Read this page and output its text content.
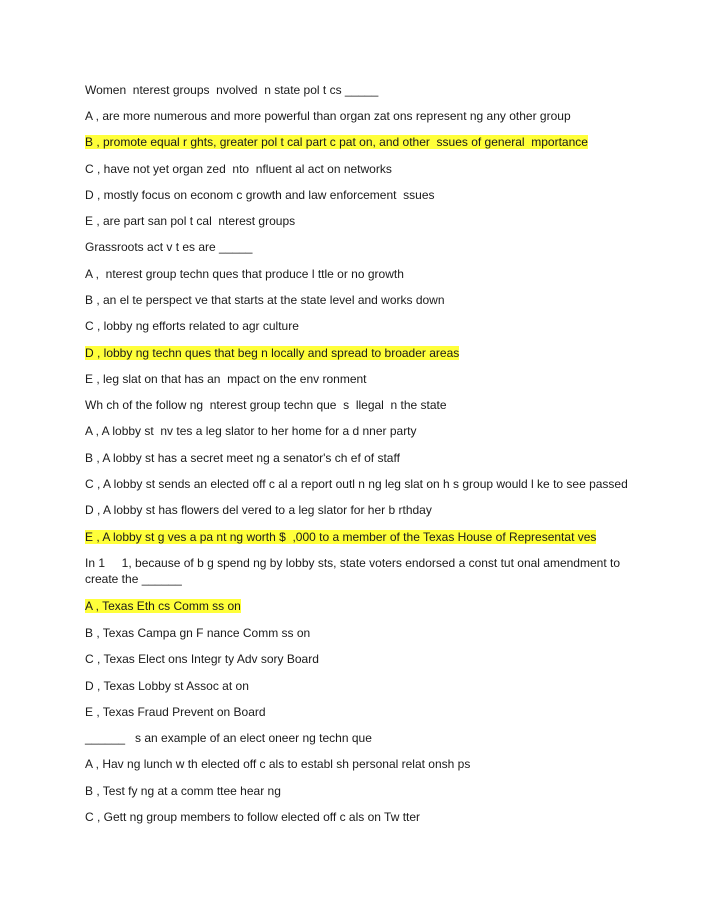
Women  nterest groups  nvolved  n state pol t cs _____

A , are more numerous and more powerful than organ zat ons represent ng any other group

B , promote equal r ghts, greater pol t cal part c pat on, and other  ssues of general  mportance

C , have not yet organ zed  nto  nfluent al act on networks

D , mostly focus on econom c growth and law enforcement  ssues

E , are part san pol t cal  nterest groups

Grassroots act v t es are _____

A ,  nterest group techn ques that produce l ttle or no growth

B , an el te perspect ve that starts at the state level and works down

C , lobby ng efforts related to agr culture

D , lobby ng techn ques that beg n locally and spread to broader areas

E , leg slat on that has an  mpact on the env ronment

Wh ch of the follow ng  nterest group techn que  s  llegal  n the state

A , A lobby st  nv tes a leg slator to her home for a d nner party

B , A lobby st has a secret meet ng a senator's ch ef of staff

C , A lobby st sends an elected off c al a report outl n ng leg slat on h s group would l ke to see passed

D , A lobby st has flowers del vered to a leg slator for her b rthday

E , A lobby st g ves a pa nt ng worth $  ,000 to a member of the Texas House of Representat ves

In 1     1, because of b g spend ng by lobby sts, state voters endorsed a const tut onal amendment to create the ______

A , Texas Eth cs Comm ss on

B , Texas Campa gn F nance Comm ss on

C , Texas Elect ons Integr ty Adv sory Board

D , Texas Lobby st Assoc at on

E , Texas Fraud Prevent on Board

______   s an example of an elect oneer ng techn que

A , Hav ng lunch w th elected off c als to establ sh personal relat onsh ps

B , Test fy ng at a comm ttee hear ng

C , Gett ng group members to follow elected off c als on Tw tter
